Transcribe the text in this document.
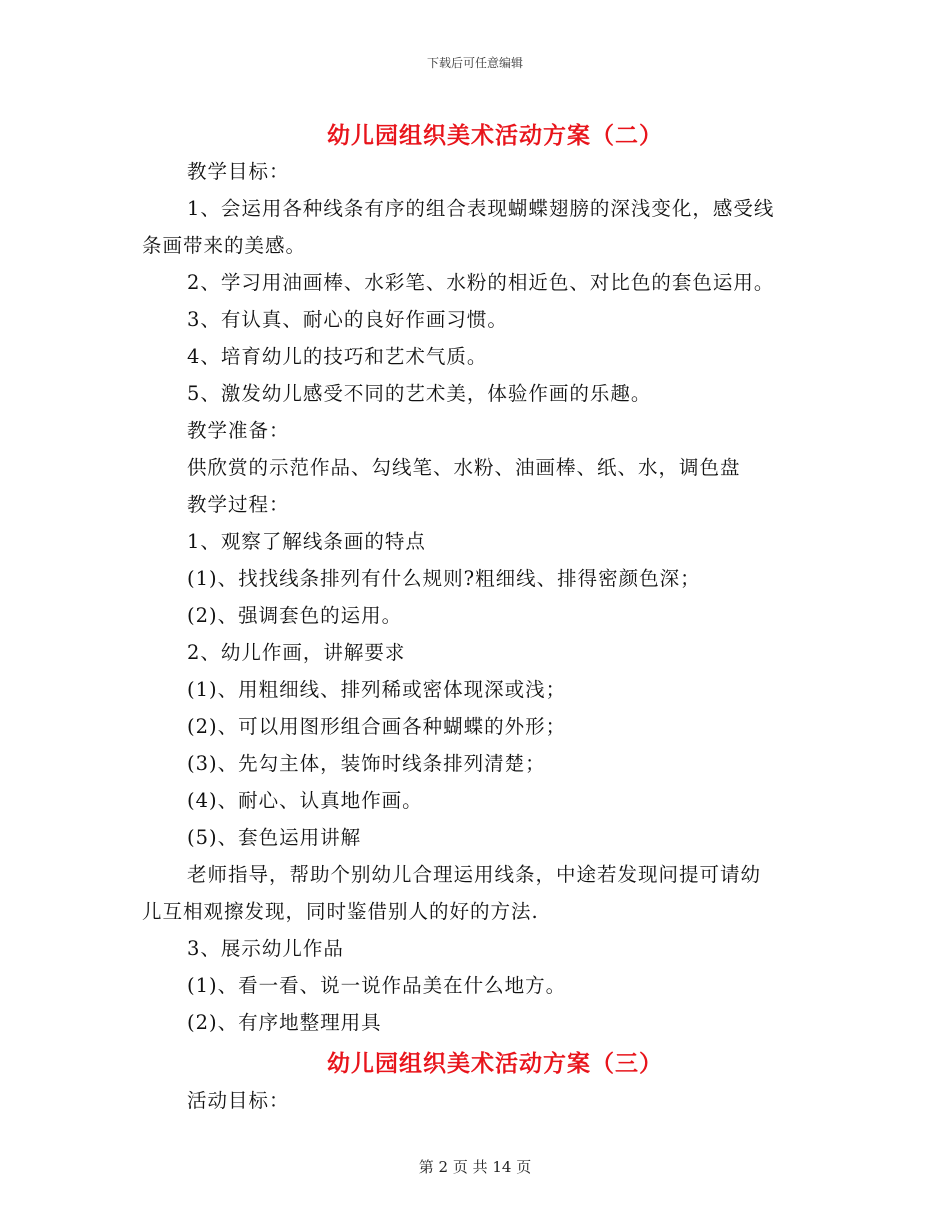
下载后可任意编辑
幼儿园组织美术活动方案（二）
教学目标：
1、会运用各种线条有序的组合表现蝴蝶翅膀的深浅变化，感受线
条画带来的美感。
2、学习用油画棒、水彩笔、水粉的相近色、对比色的套色运用。
3、有认真、耐心的良好作画习惯。
4、培育幼儿的技巧和艺术气质。
5、激发幼儿感受不同的艺术美，体验作画的乐趣。
教学准备：
供欣赏的示范作品、勾线笔、水粉、油画棒、纸、水，调色盘
教学过程：
1、观察了解线条画的特点
(1)、找找线条排列有什么规则?粗细线、排得密颜色深；
(2)、强调套色的运用。
2、幼儿作画，讲解要求
(1)、用粗细线、排列稀或密体现深或浅；
(2)、可以用图形组合画各种蝴蝶的外形；
(3)、先勾主体，装饰时线条排列清楚；
(4)、耐心、认真地作画。
(5)、套色运用讲解
老师指导，帮助个别幼儿合理运用线条，中途若发现问提可请幼
儿互相观擦发现，同时鉴借别人的好的方法.
3、展示幼儿作品
(1)、看一看、说一说作品美在什么地方。
(2)、有序地整理用具
幼儿园组织美术活动方案（三）
活动目标：
第 2 页 共 14 页
